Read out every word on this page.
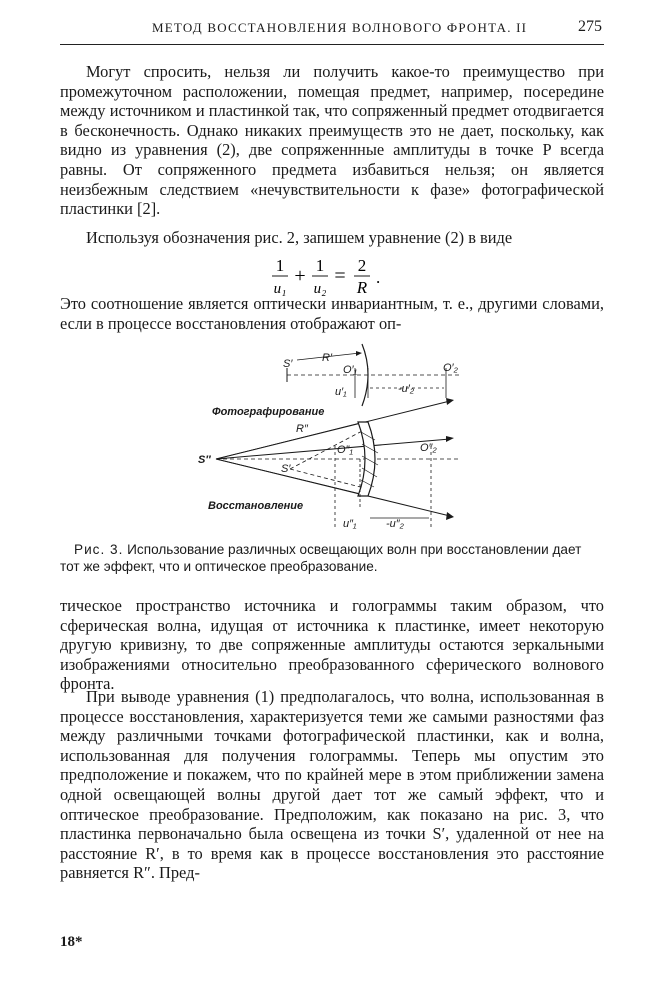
МЕТОД ВОССТАНОВЛЕНИЯ ВОЛНОВОГО ФРОНТА. II	275

Могут спросить, нельзя ли получить какое-то преимущество при промежуточном расположении, помещая предмет, например, посередине между источником и пластинкой так, что сопряженный предмет отодвигается в бесконечность. Однако никаких преимуществ это не дает, поскольку, как видно из уравнения (2), две сопряженнные амплитуды в точке P всегда равны. От сопряженного предмета избавиться нельзя; он является неизбежным следствием «нечувствительности к фазе» фотографической пластинки [2].

Используя обозначения рис. 2, запишем уравнение (2) в виде

1
u₁
+ 1
u₂
= 2
R
.

Это соотношение является оптически инвариантным, т. е., другими словами, если в процессе восстановления отображают оп-

S′	R′
O′₁	O′₂
u′₁	-u′₂
Фотографирование
R″
S″
S′
O″₁	O″₂
Восстановление
u″₁	-u″₂

Рис. 3. Использование различных освещающих волн при восстановлении дает тот же эффект, что и оптическое преобразование.

тическое пространство источника и голограммы таким образом, что сферическая волна, идущая от источника к пластинке, имеет некоторую другую кривизну, то две сопряженные амплитуды остаются зеркальными изображениями относительно преобразованного сферического волнового фронта.

При выводе уравнения (1) предполагалось, что волна, использованная в процессе восстановления, характеризуется теми же самыми разностями фаз между различными точками фотографической пластинки, как и волна, использованная для получения голограммы. Теперь мы опустим это предположение и покажем, что по крайней мере в этом приближении замена одной освещающей волны другой дает тот же самый эффект, что и оптическое преобразование. Предположим, как показано на рис. 3, что пластинка первоначально была освещена из точки S′, удаленной от нее на расстояние R′, в то время как в процессе восстановления это расстояние равняется R″. Пред-

18*
